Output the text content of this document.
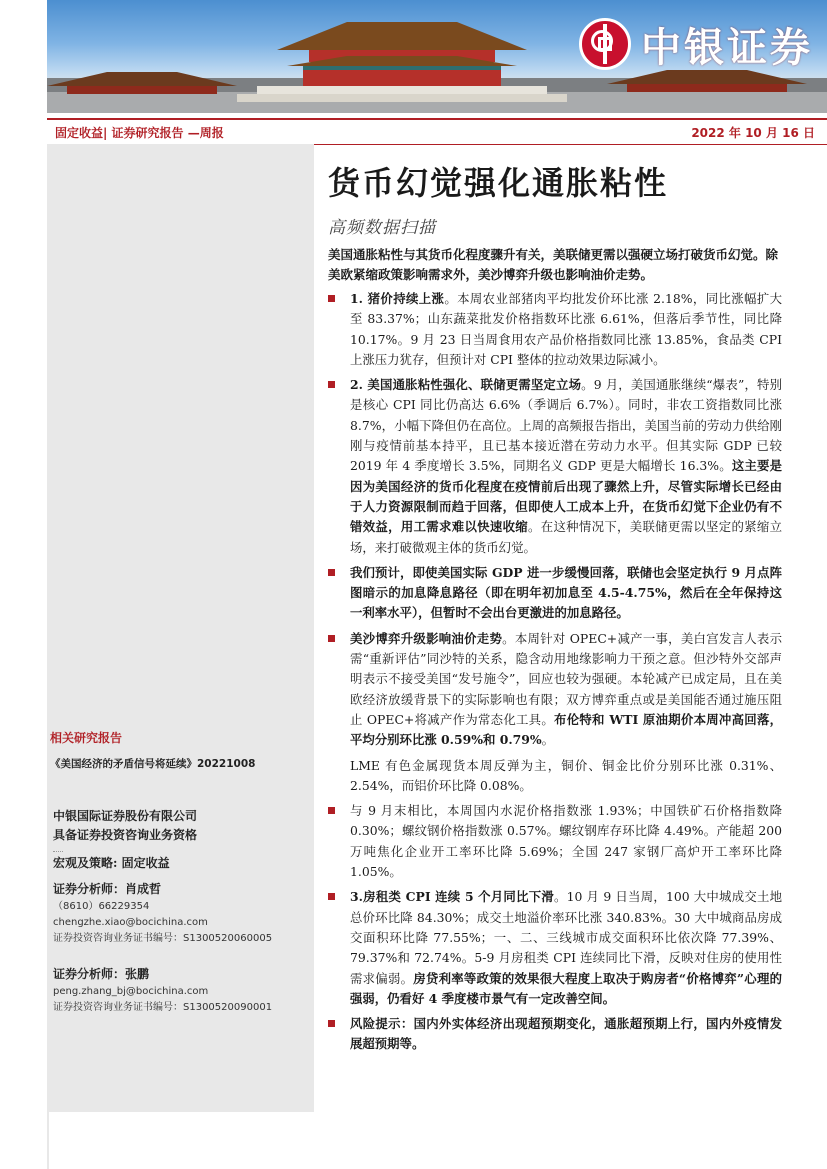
中银证券
固定收益| 证券研究报告 —周报	2022 年 10 月 16 日
相关研究报告
《美国经济的矛盾信号将延续》20221008
中银国际证券股份有限公司
具备证券投资咨询业务资格
宏观及策略: 固定收益
证券分析师：肖成哲
（8610）66229354
chengzhe.xiao@bocichina.com
证券投资咨询业务证书编号：S1300520060005
证券分析师：张鹏
peng.zhang_bj@bocichina.com
证券投资咨询业务证书编号：S1300520090001
货币幻觉强化通胀粘性
高频数据扫描
美国通胀粘性与其货币化程度骤升有关，美联储更需以强硬立场打破货币幻觉。除美欧紧缩政策影响需求外，美沙博弈升级也影响油价走势。
1. 猪价持续上涨。本周农业部猪肉平均批发价环比涨 2.18%，同比涨幅扩大至 83.37%；山东蔬菜批发价格指数环比涨 6.61%，但落后季节性，同比降 10.17%。9 月 23 日当周食用农产品价格指数同比涨 13.85%，食品类 CPI 上涨压力犹存，但预计对 CPI 整体的拉动效果边际减小。
2. 美国通胀粘性强化、联储更需坚定立场。9 月，美国通胀继续“爆表”，特别是核心 CPI 同比仍高达 6.6%（季调后 6.7%）。同时，非农工资指数同比涨 8.7%，小幅下降但仍在高位。上周的高频报告指出，美国当前的劳动力供给刚刚与疫情前基本持平，且已基本接近潜在劳动力水平。但其实际 GDP 已较 2019 年 4 季度增长 3.5%，同期名义 GDP 更是大幅增长 16.3%。这主要是因为美国经济的货币化程度在疫情前后出现了骤然上升，尽管实际增长已经由于人力资源限制而趋于回落，但即使人工成本上升，在货币幻觉下企业仍有不错效益，用工需求难以快速收缩。在这种情况下，美联储更需以坚定的紧缩立场，来打破微观主体的货币幻觉。
我们预计，即使美国实际 GDP 进一步缓慢回落，联储也会坚定执行 9 月点阵图暗示的加息降息路径（即在明年初加息至 4.5-4.75%，然后在全年保持这一利率水平），但暂时不会出台更激进的加息路径。
美沙博弈升级影响油价走势。本周针对 OPEC+减产一事，美白宫发言人表示需“重新评估”同沙特的关系，隐含动用地缘影响力干预之意。但沙特外交部声明表示不接受美国“发号施令”，回应也较为强硬。本轮减产已成定局，且在美欧经济放缓背景下的实际影响也有限；双方博弈重点或是美国能否通过施压阻止 OPEC+将减产作为常态化工具。布伦特和 WTI 原油期价本周冲高回落，平均分别环比涨 0.59%和 0.79%。
LME 有色金属现货本周反弹为主，铜价、铜金比价分别环比涨 0.31%、2.54%，而铝价环比降 0.08%。
与 9 月末相比，本周国内水泥价格指数涨 1.93%；中国铁矿石价格指数降 0.30%；螺纹钢价格指数涨 0.57%。螺纹钢库存环比降 4.49%。产能超 200 万吨焦化企业开工率环比降 5.69%；全国 247 家钢厂高炉开工率环比降 1.05%。
3.房租类 CPI 连续 5 个月同比下滑。10 月 9 日当周，100 大中城成交土地总价环比降 84.30%；成交土地溢价率环比涨 340.83%。30 大中城商品房成交面积环比降 77.55%；一、二、三线城市成交面积环比依次降 77.39%、79.37%和 72.74%。5-9 月房租类 CPI 连续同比下滑，反映对住房的使用性需求偏弱。房贷利率等政策的效果很大程度上取决于购房者“价格博弈”心理的强弱，仍看好 4 季度楼市景气有一定改善空间。
风险提示：国内外实体经济出现超预期变化，通胀超预期上行，国内外疫情发展超预期等。
